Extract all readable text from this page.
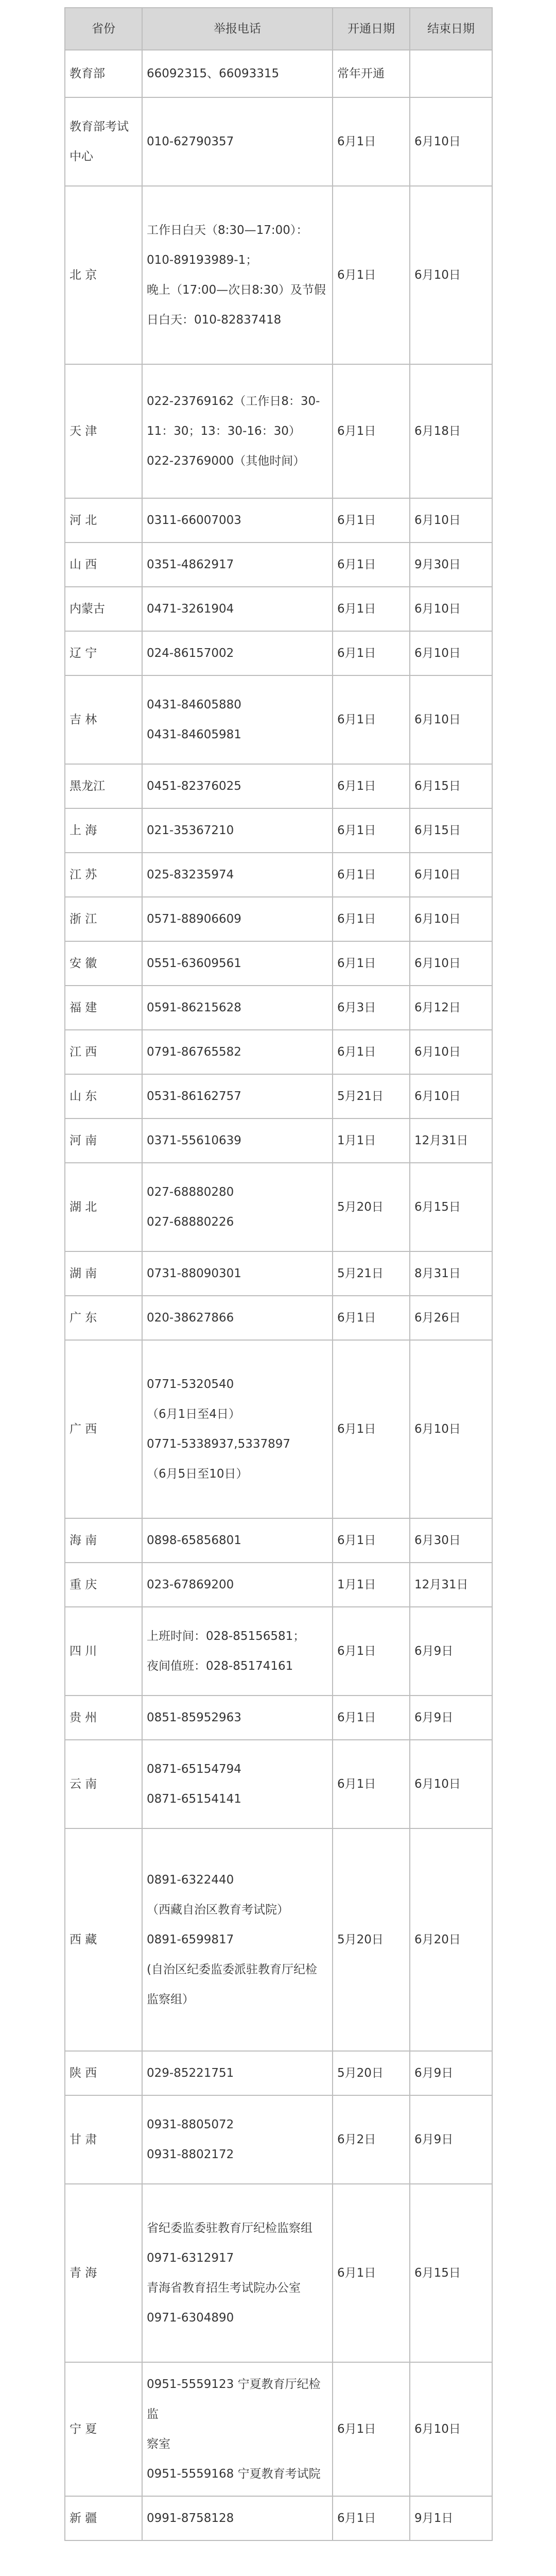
省份	举报电话	开通日期	结束日期
教育部	66092315、66093315	常年开通	
教育部考试
中心	010-62790357	6月1日	6月10日
北 京	工作日白天（8:30—17:00）：
010-89193989-1；
晚上（17:00—次日8:30）及节假
日白天：010-82837418	6月1日	6月10日
天 津	022-23769162（工作日8：30-
11：30；13：30-16：30）
022-23769000（其他时间）	6月1日	6月18日
河 北	0311-66007003	6月1日	6月10日
山 西	0351-4862917	6月1日	9月30日
内蒙古	0471-3261904	6月1日	6月10日
辽 宁	024-86157002	6月1日	6月10日
吉 林	0431-84605880
0431-84605981	6月1日	6月10日
黑龙江	0451-82376025	6月1日	6月15日
上 海	021-35367210	6月1日	6月15日
江 苏	025-83235974	6月1日	6月10日
浙 江	0571-88906609	6月1日	6月10日
安 徽	0551-63609561	6月1日	6月10日
福 建	0591-86215628	6月3日	6月12日
江 西	0791-86765582	6月1日	6月10日
山 东	0531-86162757	5月21日	6月10日
河 南	0371-55610639	1月1日	12月31日
湖 北	027-68880280
027-68880226	5月20日	6月15日
湖 南	0731-88090301	5月21日	8月31日
广 东	020-38627866	6月1日	6月26日
广 西	0771-5320540
（6月1日至4日）
0771-5338937,5337897
（6月5日至10日）	6月1日	6月10日
海 南	0898-65856801	6月1日	6月30日
重 庆	023-67869200	1月1日	12月31日
四 川	上班时间：028-85156581；
夜间值班：028-85174161	6月1日	6月9日
贵 州	0851-85952963	6月1日	6月9日
云 南	0871-65154794
0871-65154141	6月1日	6月10日
西 藏	0891-6322440
（西藏自治区教育考试院）
0891-6599817
(自治区纪委监委派驻教育厅纪检
监察组）	5月20日	6月20日
陕 西	029-85221751	5月20日	6月9日
甘 肃	0931-8805072
0931-8802172	6月2日	6月9日
青 海	省纪委监委驻教育厅纪检监察组
0971-6312917
青海省教育招生考试院办公室
0971-6304890	6月1日	6月15日
宁 夏	0951-5559123 宁夏教育厅纪检监
察室
0951-5559168 宁夏教育考试院	6月1日	6月10日
新 疆	0991-8758128	6月1日	9月1日
